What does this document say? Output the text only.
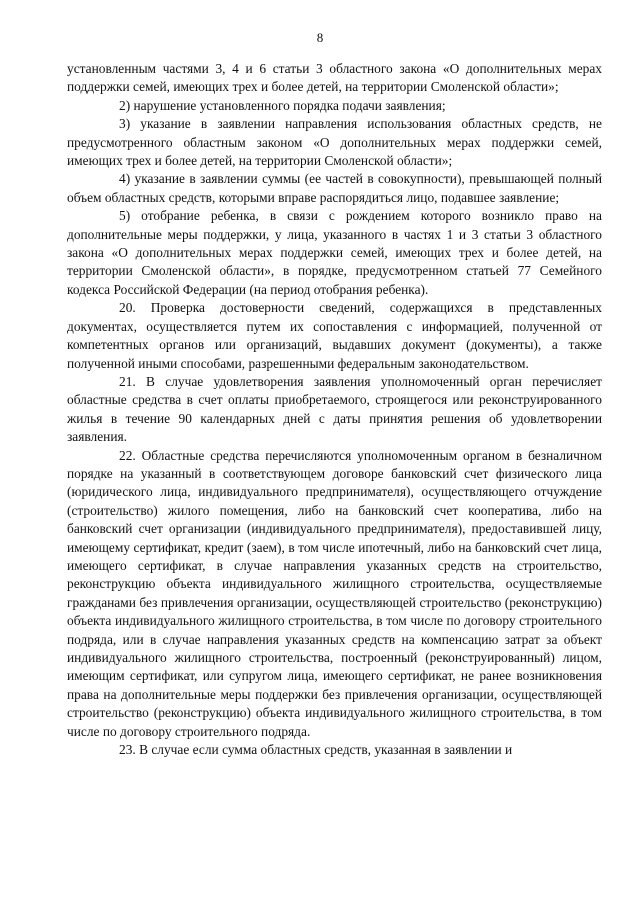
8

установленным частями 3, 4 и 6 статьи 3 областного закона «О дополнительных мерах поддержки семей, имеющих трех и более детей, на территории Смоленской области»;

2) нарушение установленного порядка подачи заявления;

3) указание в заявлении направления использования областных средств, не предусмотренного областным законом «О дополнительных мерах поддержки семей, имеющих трех и более детей, на территории Смоленской области»;

4) указание в заявлении суммы (ее частей в совокупности), превышающей полный объем областных средств, которыми вправе распорядиться лицо, подавшее заявление;

5) отобрание ребенка, в связи с рождением которого возникло право на дополнительные меры поддержки, у лица, указанного в частях 1 и 3 статьи 3 областного закона «О дополнительных мерах поддержки семей, имеющих трех и более детей, на территории Смоленской области», в порядке, предусмотренном статьей 77 Семейного кодекса Российской Федерации (на период отобрания ребенка).

20. Проверка достоверности сведений, содержащихся в представленных документах, осуществляется путем их сопоставления с информацией, полученной от компетентных органов или организаций, выдавших документ (документы), а также полученной иными способами, разрешенными федеральным законодательством.

21. В случае удовлетворения заявления уполномоченный орган перечисляет областные средства в счет оплаты приобретаемого, строящегося или реконструированного жилья в течение 90 календарных дней с даты принятия решения об удовлетворении заявления.

22. Областные средства перечисляются уполномоченным органом в безналичном порядке на указанный в соответствующем договоре банковский счет физического лица (юридического лица, индивидуального предпринимателя), осуществляющего отчуждение (строительство) жилого помещения, либо на банковский счет кооператива, либо на банковский счет организации (индивидуального предпринимателя), предоставившей лицу, имеющему сертификат, кредит (заем), в том числе ипотечный, либо на банковский счет лица, имеющего сертификат, в случае направления указанных средств на строительство, реконструкцию объекта индивидуального жилищного строительства, осуществляемые гражданами без привлечения организации, осуществляющей строительство (реконструкцию) объекта индивидуального жилищного строительства, в том числе по договору строительного подряда, или в случае направления указанных средств на компенсацию затрат за объект индивидуального жилищного строительства, построенный (реконструированный) лицом, имеющим сертификат, или супругом лица, имеющего сертификат, не ранее возникновения права на дополнительные меры поддержки без привлечения организации, осуществляющей строительство (реконструкцию) объекта индивидуального жилищного строительства, в том числе по договору строительного подряда.

23. В случае если сумма областных средств, указанная в заявлении и
